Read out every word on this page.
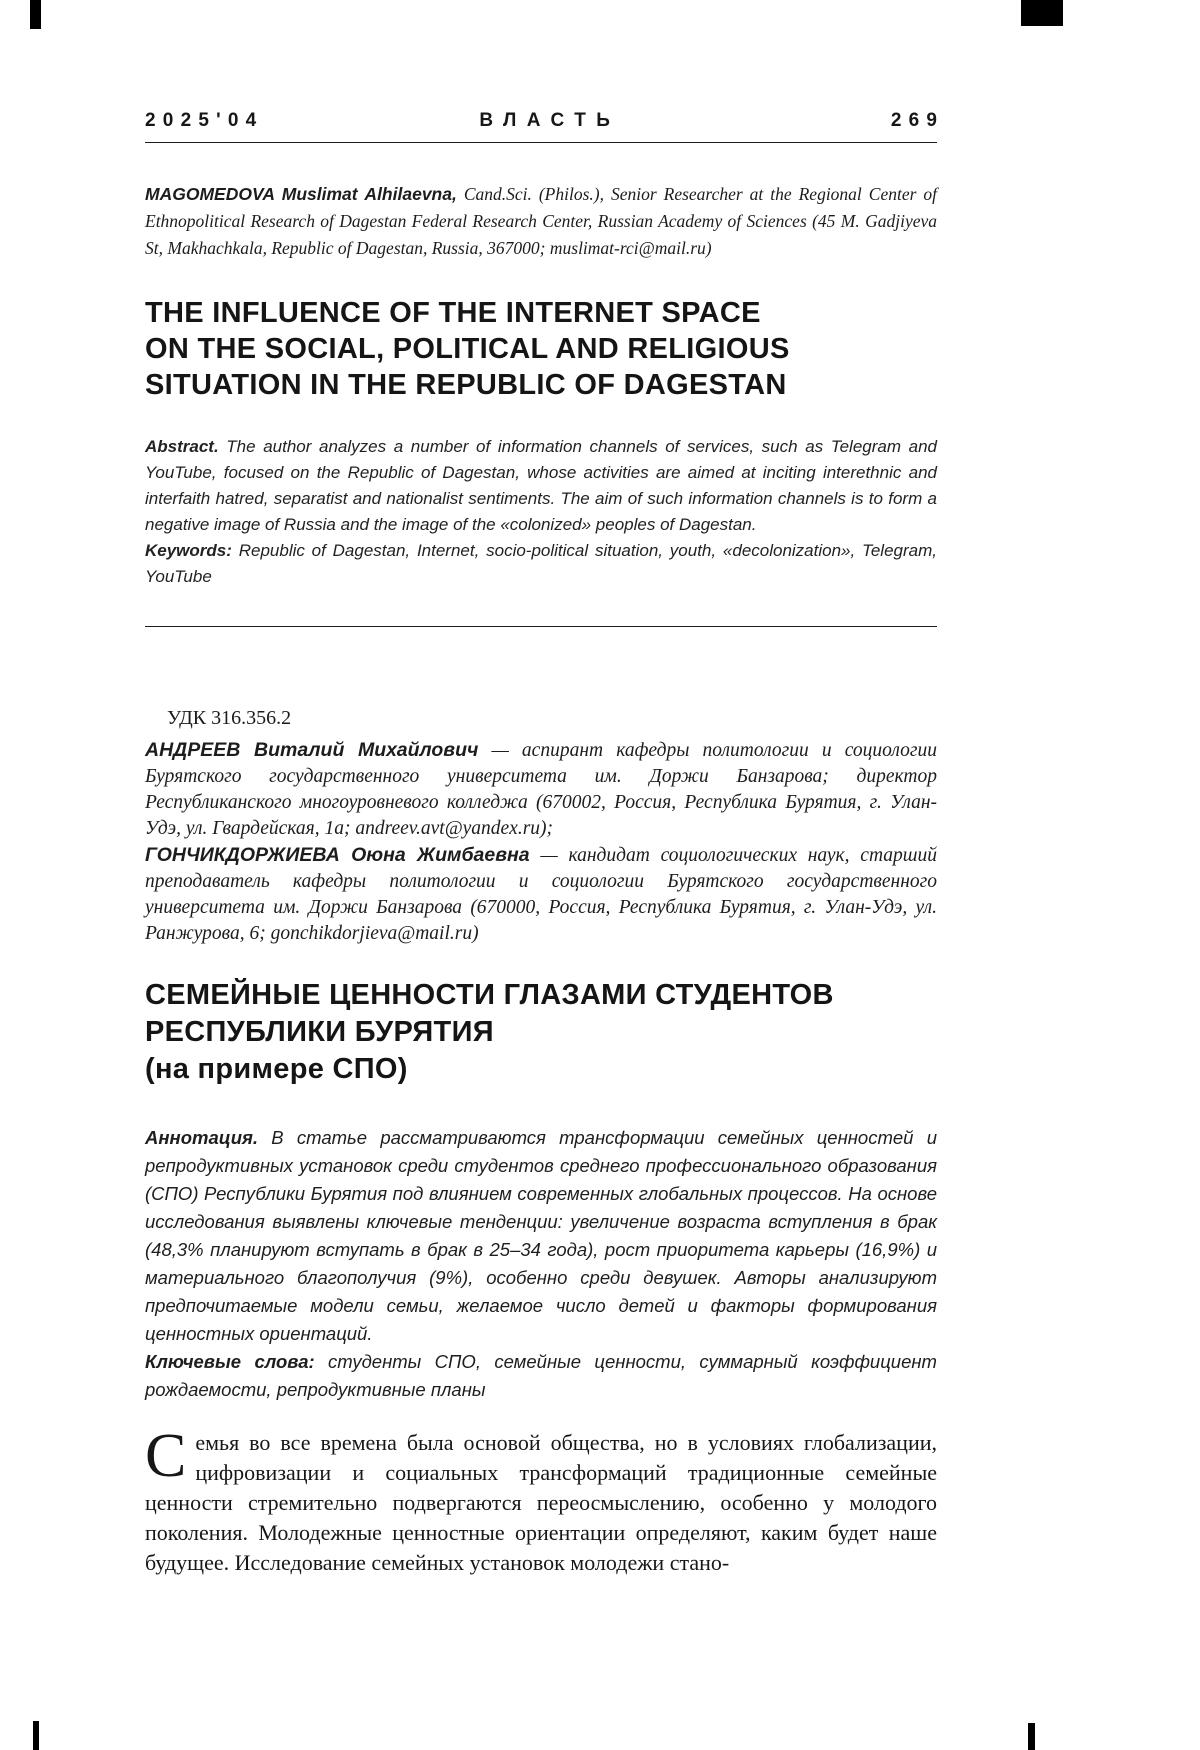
2025'04	ВЛАСТЬ	269

MAGOMEDOVA Muslimat Alhilaevna, Cand.Sci. (Philos.), Senior Researcher at the Regional Center of Ethnopolitical Research of Dagestan Federal Research Center, Russian Academy of Sciences (45 M. Gadjiyeva St, Makhachkala, Republic of Dagestan, Russia, 367000; muslimat-rci@mail.ru)

THE INFLUENCE OF THE INTERNET SPACE
ON THE SOCIAL, POLITICAL AND RELIGIOUS
SITUATION IN THE REPUBLIC OF DAGESTAN

Abstract. The author analyzes a number of information channels of services, such as Telegram and YouTube, focused on the Republic of Dagestan, whose activities are aimed at inciting interethnic and interfaith hatred, separatist and nationalist sentiments. The aim of such information channels is to form a negative image of Russia and the image of the «colonized» peoples of Dagestan.

Keywords: Republic of Dagestan, Internet, socio-political situation, youth, «decolonization», Telegram, YouTube

УДК 316.356.2

АНДРЕЕВ Виталий Михайлович — аспирант кафедры политологии и социологии Бурятского государственного университета им. Доржи Банзарова; директор Республиканского многоуровневого колледжа (670002, Россия, Республика Бурятия, г. Улан-Удэ, ул. Гвардейская, 1а; andreev.avt@yandex.ru);

ГОНЧИКДОРЖИЕВА Оюна Жимбаевна — кандидат социологических наук, старший преподаватель кафедры политологии и социологии Бурятского государственного университета им. Доржи Банзарова (670000, Россия, Республика Бурятия, г. Улан-Удэ, ул. Ранжурова, 6; gonchikdorjieva@mail.ru)

СЕМЕЙНЫЕ ЦЕННОСТИ ГЛАЗАМИ СТУДЕНТОВ
РЕСПУБЛИКИ БУРЯТИЯ
(на примере СПО)

Аннотация. В статье рассматриваются трансформации семейных ценностей и репродуктивных установок среди студентов среднего профессионального образования (СПО) Республики Бурятия под влиянием современных глобальных процессов. На основе исследования выявлены ключевые тенденции: увеличение возраста вступления в брак (48,3% планируют вступать в брак в 25–34 года), рост приоритета карьеры (16,9%) и материального благополучия (9%), особенно среди девушек. Авторы анализируют предпочитаемые модели семьи, желаемое число детей и факторы формирования ценностных ориентаций.

Ключевые слова: студенты СПО, семейные ценности, суммарный коэффициент рождаемости, репродуктивные планы

Семья во все времена была основой общества, но в условиях глобализации, цифровизации и социальных трансформаций традиционные семейные ценности стремительно подвергаются переосмыслению, особенно у молодого поколения. Молодежные ценностные ориентации определяют, каким будет наше будущее. Исследование семейных установок молодежи стано-
